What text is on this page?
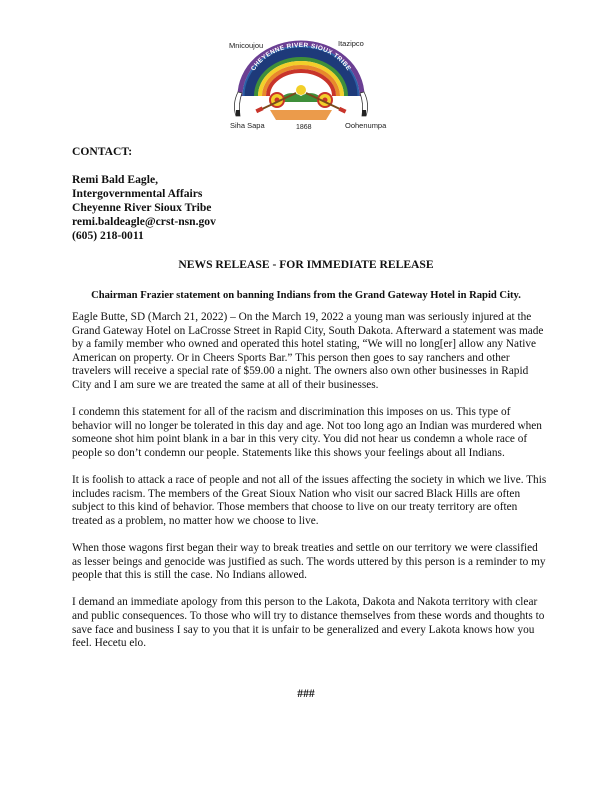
CHEYENNE RIVER SIOUX TRIBE
Mnicoujou	Itazipco
Siha Sapa	Oohenumpa
1868
CONTACT:
Remi Bald Eagle,
Intergovernmental Affairs
Cheyenne River Sioux Tribe
remi.baldeagle@crst-nsn.gov
(605) 218-0011
NEWS RELEASE - FOR IMMEDIATE RELEASE
Chairman Frazier statement on banning Indians from the Grand Gateway Hotel in Rapid City.

Eagle Butte, SD (March 21, 2022) – On the March 19, 2022 a young man was seriously injured at the Grand Gateway Hotel on LaCrosse Street in Rapid City, South Dakota. Afterward a statement was made by a family member who owned and operated this hotel stating, “We will no long[er] allow any Native American on property. Or in Cheers Sports Bar.” This person then goes to say ranchers and other travelers will receive a special rate of $59.00 a night. The owners also own other businesses in Rapid City and I am sure we are treated the same at all of their businesses.

I condemn this statement for all of the racism and discrimination this imposes on us. This type of behavior will no longer be tolerated in this day and age. Not too long ago an Indian was murdered when someone shot him point blank in a bar in this very city. You did not hear us condemn a whole race of people so don’t condemn our people. Statements like this shows your feelings about all Indians.

It is foolish to attack a race of people and not all of the issues affecting the society in which we live. This includes racism. The members of the Great Sioux Nation who visit our sacred Black Hills are often subject to this kind of behavior. Those members that choose to live on our treaty territory are often treated as a problem, no matter how we choose to live.

When those wagons first began their way to break treaties and settle on our territory we were classified as lesser beings and genocide was justified as such. The words uttered by this person is a reminder to my people that this is still the case. No Indians allowed.

I demand an immediate apology from this person to the Lakota, Dakota and Nakota territory with clear and public consequences. To those who will try to distance themselves from these words and thoughts to save face and business I say to you that it is unfair to be generalized and every Lakota knows how you feel. Hecetu elo.

###
